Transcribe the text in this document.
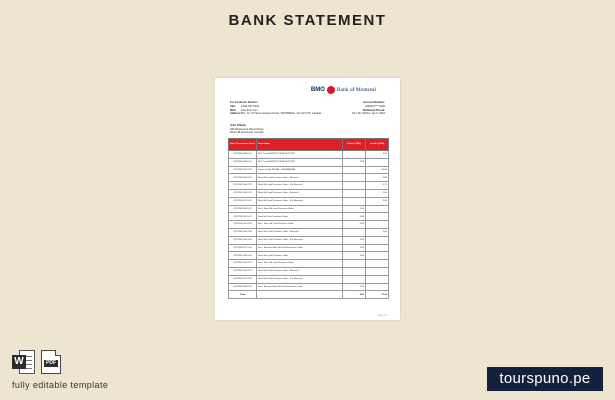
BANK STATEMENT
BMO Bank of Montreal
For Customer Service:
Call: 1-844-837-5216
Web: www.bmo.com
Address: 119 - St. 07 Notre-Jacques Ouest, MONTREAL, QC H2Y2T0, Canada
Account Number:
2262227****3409
Statement Period:
Dec 18, 2023 to Jan 5, 2024
John O'Bank
280 Westmount Street Street,
West Hill Vancouver, Canada
Date (Transaction Date)	Description	Debits (CAD)	Credits (CAD)
12/18/2023 08:07:00	EFT Credit 1RTBP79-9978-XFT-FTRL		8.62
12/18/2023 08:07:00	EFT Credit 1RTBP79-9978-XFT-FTRL	2.88	
12/19/2023 05:47:28	Interac Credit PAYPAL - MEDIAMERA		26.04
12/21/2023 03:06:04	Next Gift Card Purchase Order - Reversal		4.88
12/21/2023 06:07:47	Next Gift Card Purchase Order - Pre Reversal		0.72
12/21/2023 06:47:41	Next Gift Card Purchase Order - Reversal		2.90
12/21/2023 07:24:41	Next Gift Card Purchase Order - Pre Reversal		3.00
12/21/2023 08:19:47	Fee - New Gift Card Purchase Order	0.90	
12/21/2023 09:14:41	Next Gift Card Purchase Order	2.80	
12/21/2023 04:27:98	Fee - New Gift Card Purchase Order	0.60	
12/22/2023 04:27:98	Next Gift Card Purchase Order - Reversal		2.00
12/22/2023 06:21:04	Next Gift Card Purchase Order - Pre Reversal	2.00	
12/22/2023 07:17:44	Fee - Reversal New Gift Card Purchase Order	2.80	
12/23/2023 08:06:14	Next Gift Card Purchase Order	2.40	
12/23/2023 06:14:17	Fee - New Gift Card Purchase Order		
12/23/2023 06:14:17	Next Gift Card Purchase Order - Reversal		
12/24/2023 07:02:04	Next Gift Card Purchase Order - Pre Reversal		
12/24/2023 08:06:14	Fee - Reversal New Gift Card Purchase Order	0.00	
Total		8.90	17.00
Page 1/1
W	PDF
fully editable template	tourspuno.pe
